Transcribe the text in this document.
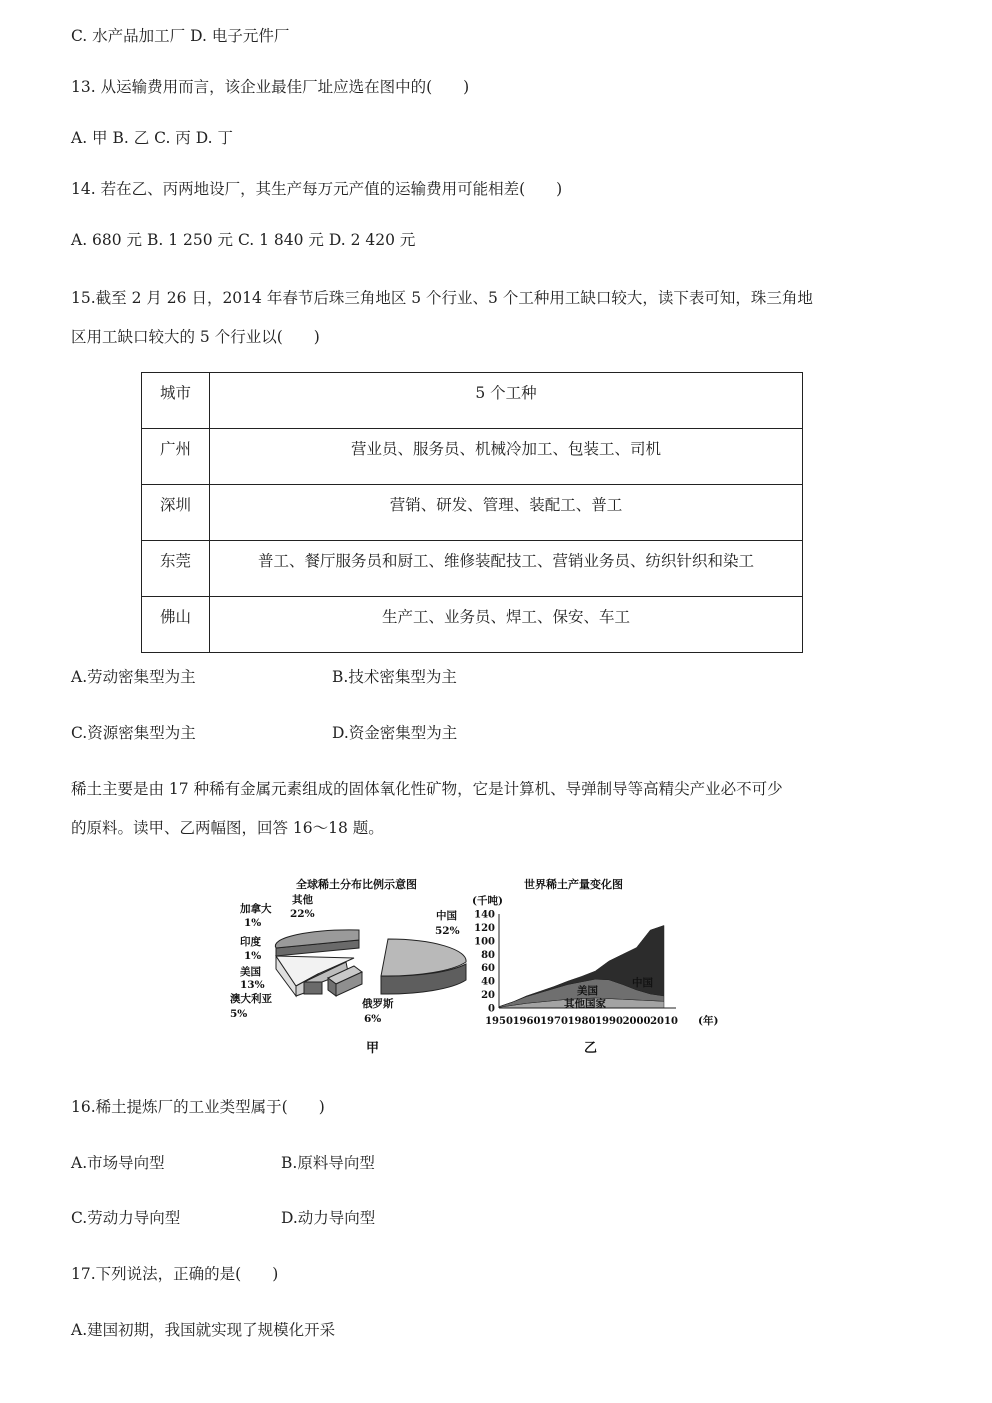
C. 水产品加工厂 D. 电子元件厂
13. 从运输费用而言，该企业最佳厂址应选在图中的(　　)
A. 甲 B. 乙 C. 丙 D. 丁
14. 若在乙、丙两地设厂，其生产每万元产值的运输费用可能相差(　　)
A. 680 元 B. 1 250 元 C. 1 840 元 D. 2 420 元
15.截至 2 月 26 日，2014 年春节后珠三角地区 5 个行业、5 个工种用工缺口较大，读下表可知，珠三角地
区用工缺口较大的 5 个行业以(　　)
城市	5 个工种
广州	营业员、服务员、机械冷加工、包装工、司机
深圳	营销、研发、管理、装配工、普工
东莞	普工、餐厅服务员和厨工、维修装配技工、营销业务员、纺织针织和染工
佛山	生产工、业务员、焊工、保安、车工
A.劳动密集型为主	B.技术密集型为主
C.资源密集型为主	D.资金密集型为主
稀土主要是由 17 种稀有金属元素组成的固体氧化性矿物，它是计算机、导弹制导等高精尖产业必不可少
的原料。读甲、乙两幅图，回答 16～18 题。
全球稀土分布比例示意图
加拿大
1%
其他
22%
印度
1%
美国
13%
澳大利亚
5%
俄罗斯
6%
中国
52%
甲
世界稀土产量变化图
(千吨)
0
20
40
60
80
100
120
140
1950 1960 1970 1980 1990 2000 2010 (年)
中国
美国
其他国家
乙
16.稀土提炼厂的工业类型属于(　　)
A.市场导向型	B.原料导向型
C.劳动力导向型	D.动力导向型
17.下列说法，正确的是(　　)
A.建国初期，我国就实现了规模化开采
